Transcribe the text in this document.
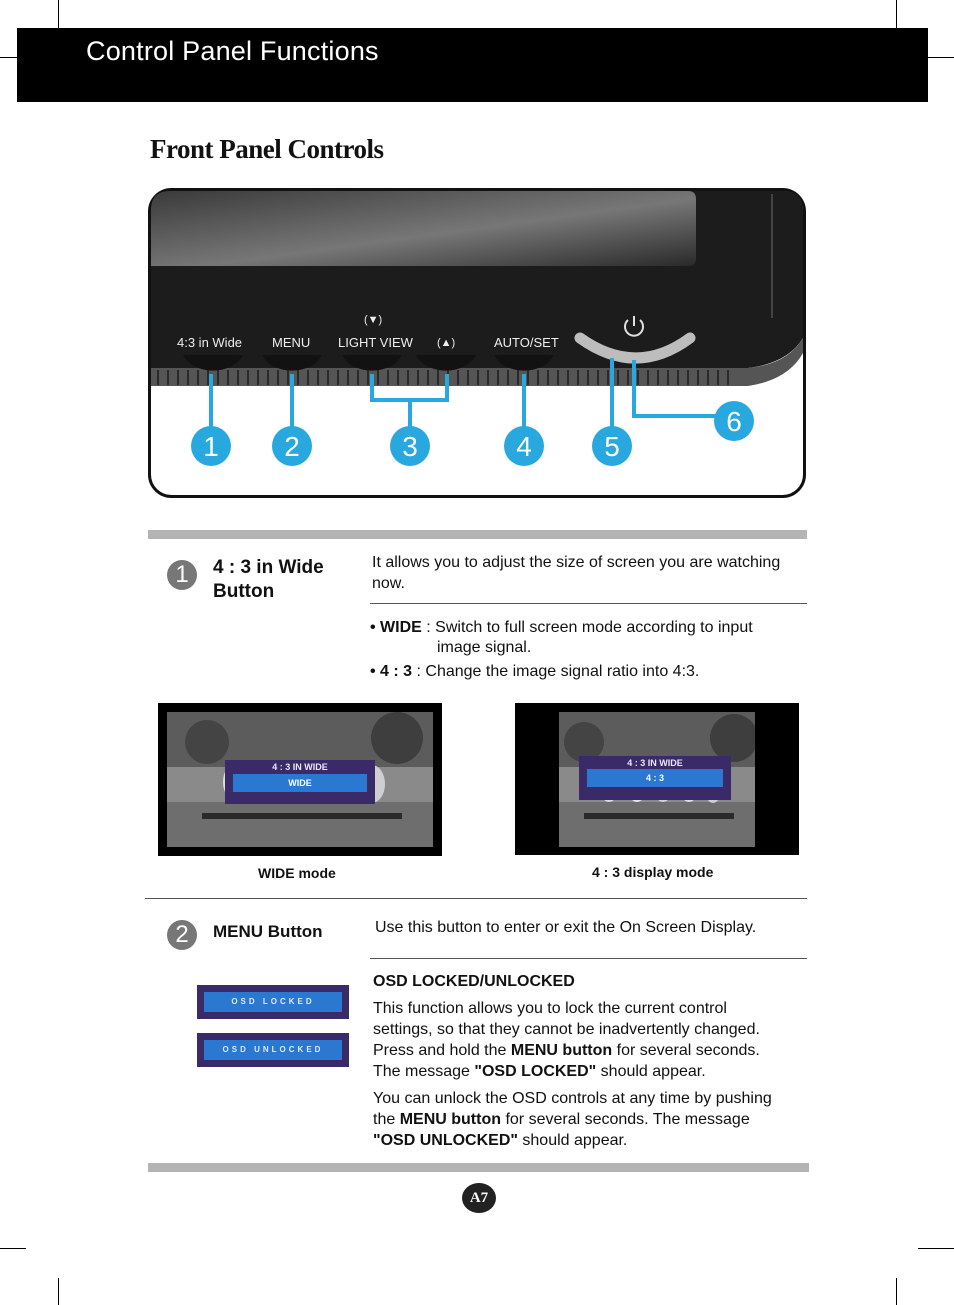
Control Panel Functions
Front Panel Controls
4:3 in Wide MENU LIGHT VIEW
(▼)
(▲)	AUTO/SET
1 2	3	4	5
6
1	4 : 3 in Wide
Button
It allows you to adjust the size of screen you are watching now.
• WIDE : Switch to full screen mode according to input
image signal.
• 4 : 3 : Change the image signal ratio into 4:3.
4 : 3 IN WIDE
WIDE
WIDE mode
4 : 3 IN WIDE
4 : 3
4 : 3 display mode
2	MENU Button	Use this button to enter or exit the On Screen Display.
OSD LOCKED/UNLOCKED
OSD LOCKED
OSD UNLOCKED
This function allows you to lock the current control settings, so that they cannot be inadvertently changed. Press and hold the MENU button for several seconds. The message "OSD LOCKED" should appear.
You can unlock the OSD controls at any time by pushing the MENU button for several seconds. The message "OSD UNLOCKED" should appear.
A7
